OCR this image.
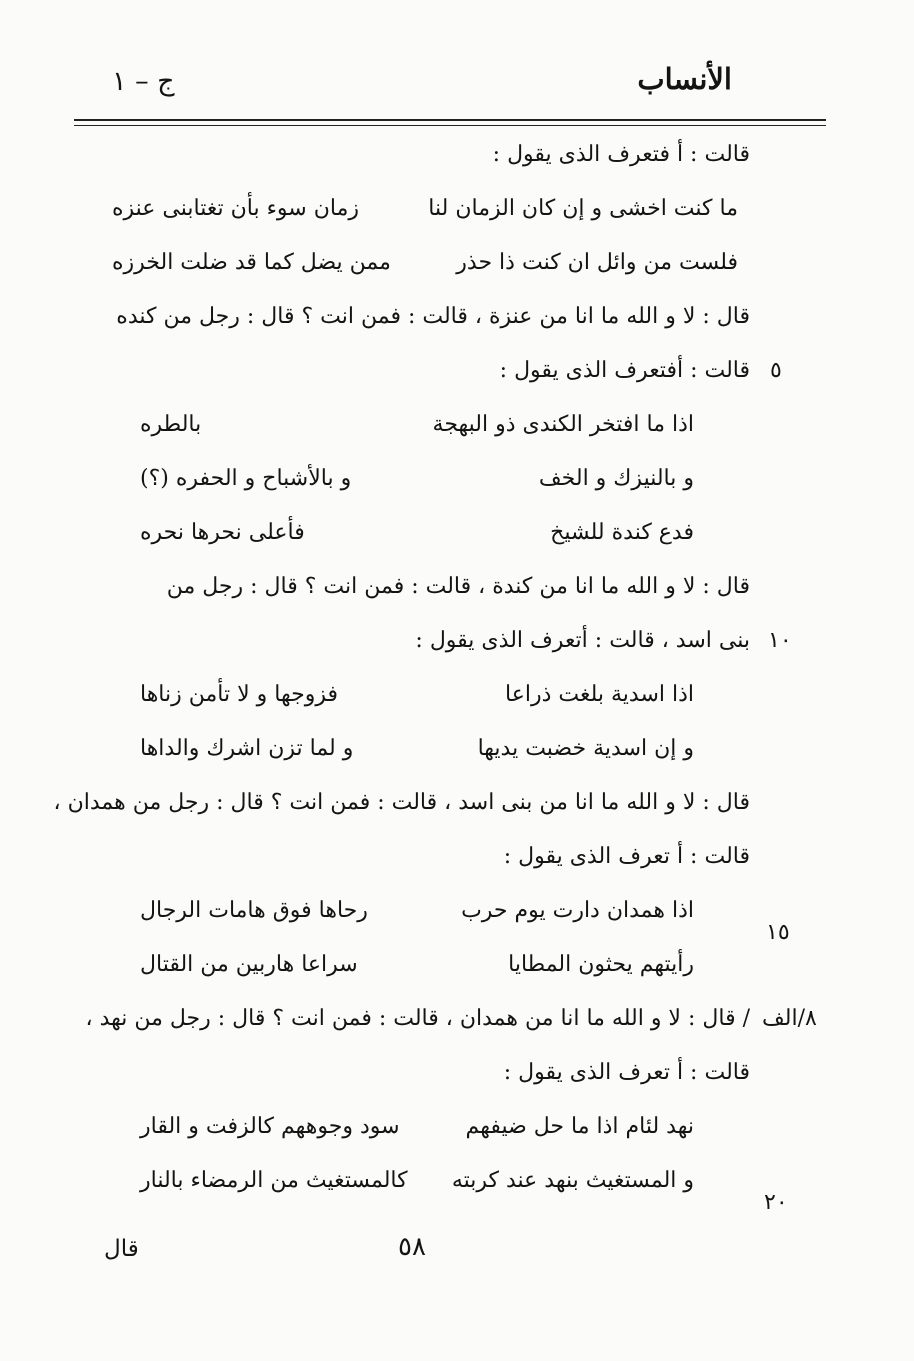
الأنساب
ج – ١
قالت : أ فتعرف الذى يقول :
ما كنت اخشى و إن كان الزمان لنا
زمان سوء بأن تغتابنى عنزه
فلست من وائل ان كنت ذا حذر
ممن يضل كما قد ضلت الخرزه
قال : لا و الله ما انا من عنزة ، قالت : فمن انت ؟ قال : رجل من كنده
قالت : أفتعرف الذى يقول :
اذا ما افتخر الكندى ذو البهجة
بالطره
و بالنيزك و الخف
و بالأشباح و الحفره (؟)
فدع كندة للشيخ
فأعلى نحرها نحره
قال : لا و الله ما انا من كندة ، قالت : فمن انت ؟ قال : رجل من
بنى اسد ، قالت : أتعرف الذى يقول :
اذا اسدية بلغت ذراعا
فزوجها و لا تأمن زناها
و إن اسدية خضبت يديها
و لما تزن اشرك والداها
قال : لا و الله ما انا من بنى اسد ، قالت : فمن انت ؟ قال : رجل من همدان ،
قالت : أ تعرف الذى يقول :
اذا همدان دارت يوم حرب
رحاها فوق هامات الرجال
رأيتهم يحثون المطايا
سراعا هاربين من القتال
/ قال : لا و الله ما انا من همدان ، قالت : فمن انت ؟ قال : رجل من نهد ،
قالت : أ تعرف الذى يقول :
نهد لئام اذا ما حل ضيفهم
سود وجوههم كالزفت و القار
و المستغيث بنهد عند كربته
كالمستغيث من الرمضاء بالنار
٥
١٠
١٥
٢٠
٨/الف
٥٨
قال
